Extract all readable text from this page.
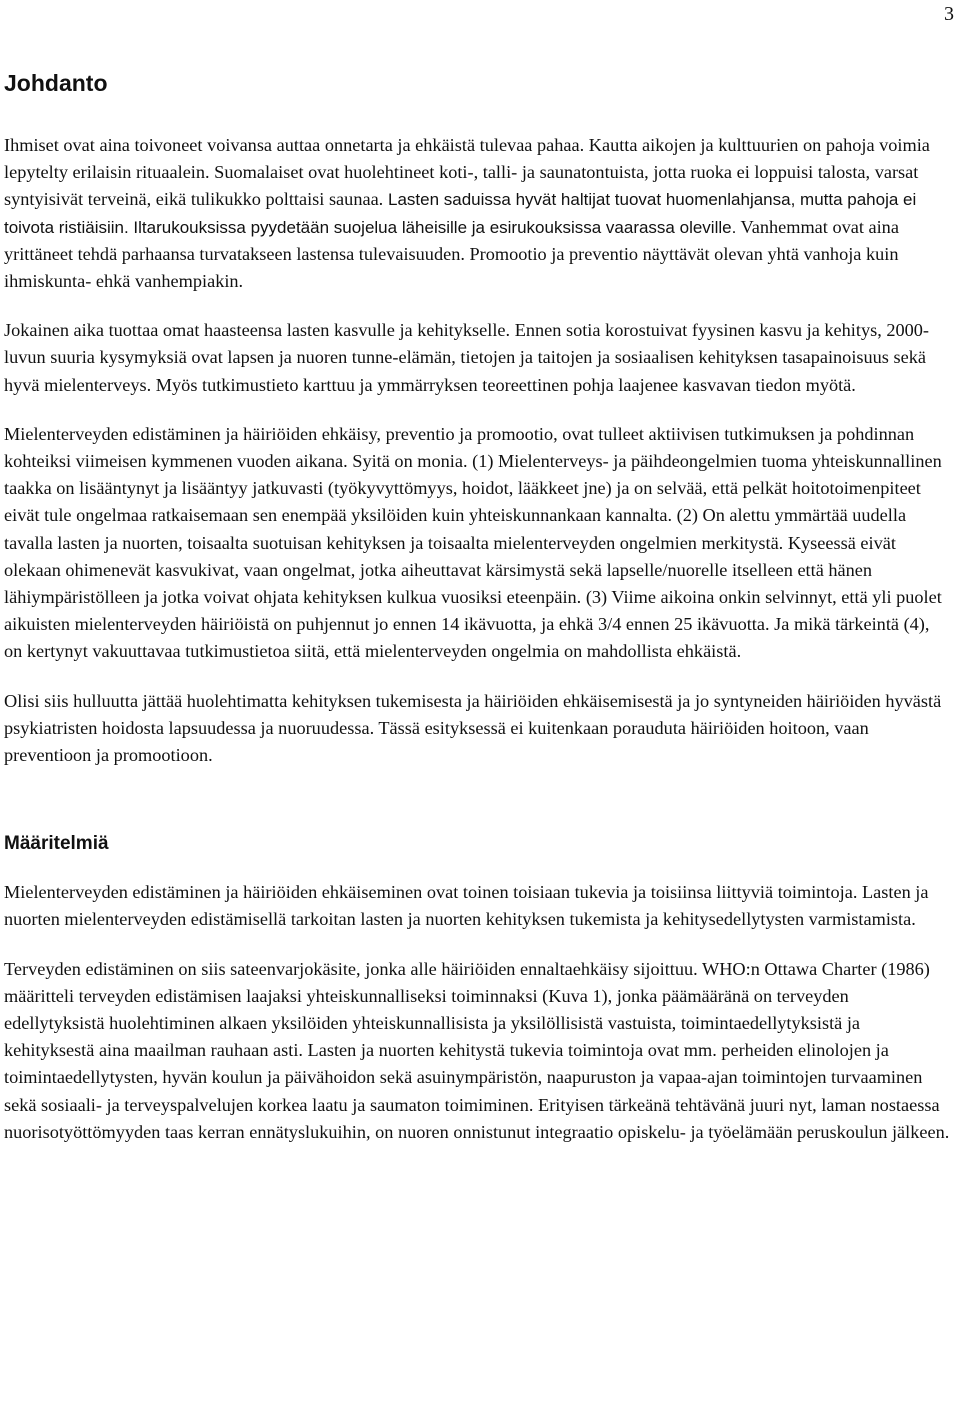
3
Johdanto

Ihmiset ovat aina toivoneet voivansa auttaa onnetarta ja ehkäistä tulevaa pahaa. Kautta aikojen ja kulttuurien on pahoja voimia lepytelty erilaisin rituaalein. Suomalaiset ovat huolehtineet koti-, talli- ja saunatontuista, jotta ruoka ei loppuisi talosta, varsat syntyisivät terveinä, eikä tulikukko polttaisi saunaa. Lasten saduissa hyvät haltijat tuovat huomenlahjansa, mutta pahoja ei toivota ristiäisiin. Iltarukouksissa pyydetään suojelua läheisille ja esirukouksissa vaarassa oleville. Vanhemmat ovat aina yrittäneet tehdä parhaansa turvatakseen lastensa tulevaisuuden. Promootio ja preventio näyttävät olevan yhtä vanhoja kuin ihmiskunta- ehkä vanhempiakin.

Jokainen aika tuottaa omat haasteensa lasten kasvulle ja kehitykselle. Ennen sotia korostuivat fyysinen kasvu ja kehitys, 2000-luvun suuria kysymyksiä ovat lapsen ja nuoren tunne-elämän, tietojen ja taitojen ja sosiaalisen kehityksen tasapainoisuus sekä hyvä mielenterveys. Myös tutkimustieto karttuu ja ymmärryksen teoreettinen pohja laajenee kasvavan tiedon myötä.

Mielenterveyden edistäminen ja häiriöiden ehkäisy, preventio ja promootio, ovat tulleet aktiivisen tutkimuksen ja pohdinnan kohteiksi viimeisen kymmenen vuoden aikana. Syitä on monia. (1) Mielenterveys- ja päihdeongelmien tuoma yhteiskunnallinen taakka on lisääntynyt ja lisääntyy jatkuvasti (työkyvyttömyys, hoidot, lääkkeet jne) ja on selvää, että pelkät hoitotoimenpiteet eivät tule ongelmaa ratkaisemaan sen enempää yksilöiden kuin yhteiskunnankaan kannalta. (2) On alettu ymmärtää uudella tavalla lasten ja nuorten, toisaalta suotuisan kehityksen ja toisaalta mielenterveyden ongelmien merkitystä. Kyseessä eivät olekaan ohimenevät kasvukivat, vaan ongelmat, jotka aiheuttavat kärsimystä sekä lapselle/nuorelle itselleen että hänen lähiympäristölleen ja jotka voivat ohjata kehityksen kulkua vuosiksi eteenpäin. (3) Viime aikoina onkin selvinnyt, että yli puolet aikuisten mielenterveyden häiriöistä on puhjennut jo ennen 14 ikävuotta, ja ehkä 3/4 ennen 25 ikävuotta. Ja mikä tärkeintä (4), on kertynyt vakuuttavaa tutkimustietoa siitä, että mielenterveyden ongelmia on mahdollista ehkäistä.

Olisi siis hulluutta jättää huolehtimatta kehityksen tukemisesta ja häiriöiden ehkäisemisestä ja jo syntyneiden häiriöiden hyvästä psykiatristen hoidosta lapsuudessa ja nuoruudessa. Tässä esityksessä ei kuitenkaan porauduta häiriöiden hoitoon, vaan preventioon ja promootioon.

Määritelmiä

Mielenterveyden edistäminen ja häiriöiden ehkäiseminen ovat toinen toisiaan tukevia ja toisiinsa liittyviä toimintoja. Lasten ja nuorten mielenterveyden edistämisellä tarkoitan lasten ja nuorten kehityksen tukemista ja kehitysedellytysten varmistamista.

Terveyden edistäminen on siis sateenvarjokäsite, jonka alle häiriöiden ennaltaehkäisy sijoittuu. WHO:n Ottawa Charter (1986) määritteli terveyden edistämisen laajaksi yhteiskunnalliseksi toiminnaksi (Kuva 1), jonka päämääränä on terveyden edellytyksistä huolehtiminen alkaen yksilöiden yhteiskunnallisista ja yksilöllisistä vastuista, toimintaedellytyksistä ja kehityksestä aina maailman rauhaan asti. Lasten ja nuorten kehitystä tukevia toimintoja ovat mm. perheiden elinolojen ja toimintaedellytysten, hyvän koulun ja päivähoidon sekä asuinympäristön, naapuruston ja vapaa-ajan toimintojen turvaaminen sekä sosiaali- ja terveyspalvelujen korkea laatu ja saumaton toimiminen. Erityisen tärkeänä tehtävänä juuri nyt, laman nostaessa nuorisotyöttömyyden taas kerran ennätyslukuihin, on nuoren onnistunut integraatio opiskelu- ja työelämään peruskoulun jälkeen.
